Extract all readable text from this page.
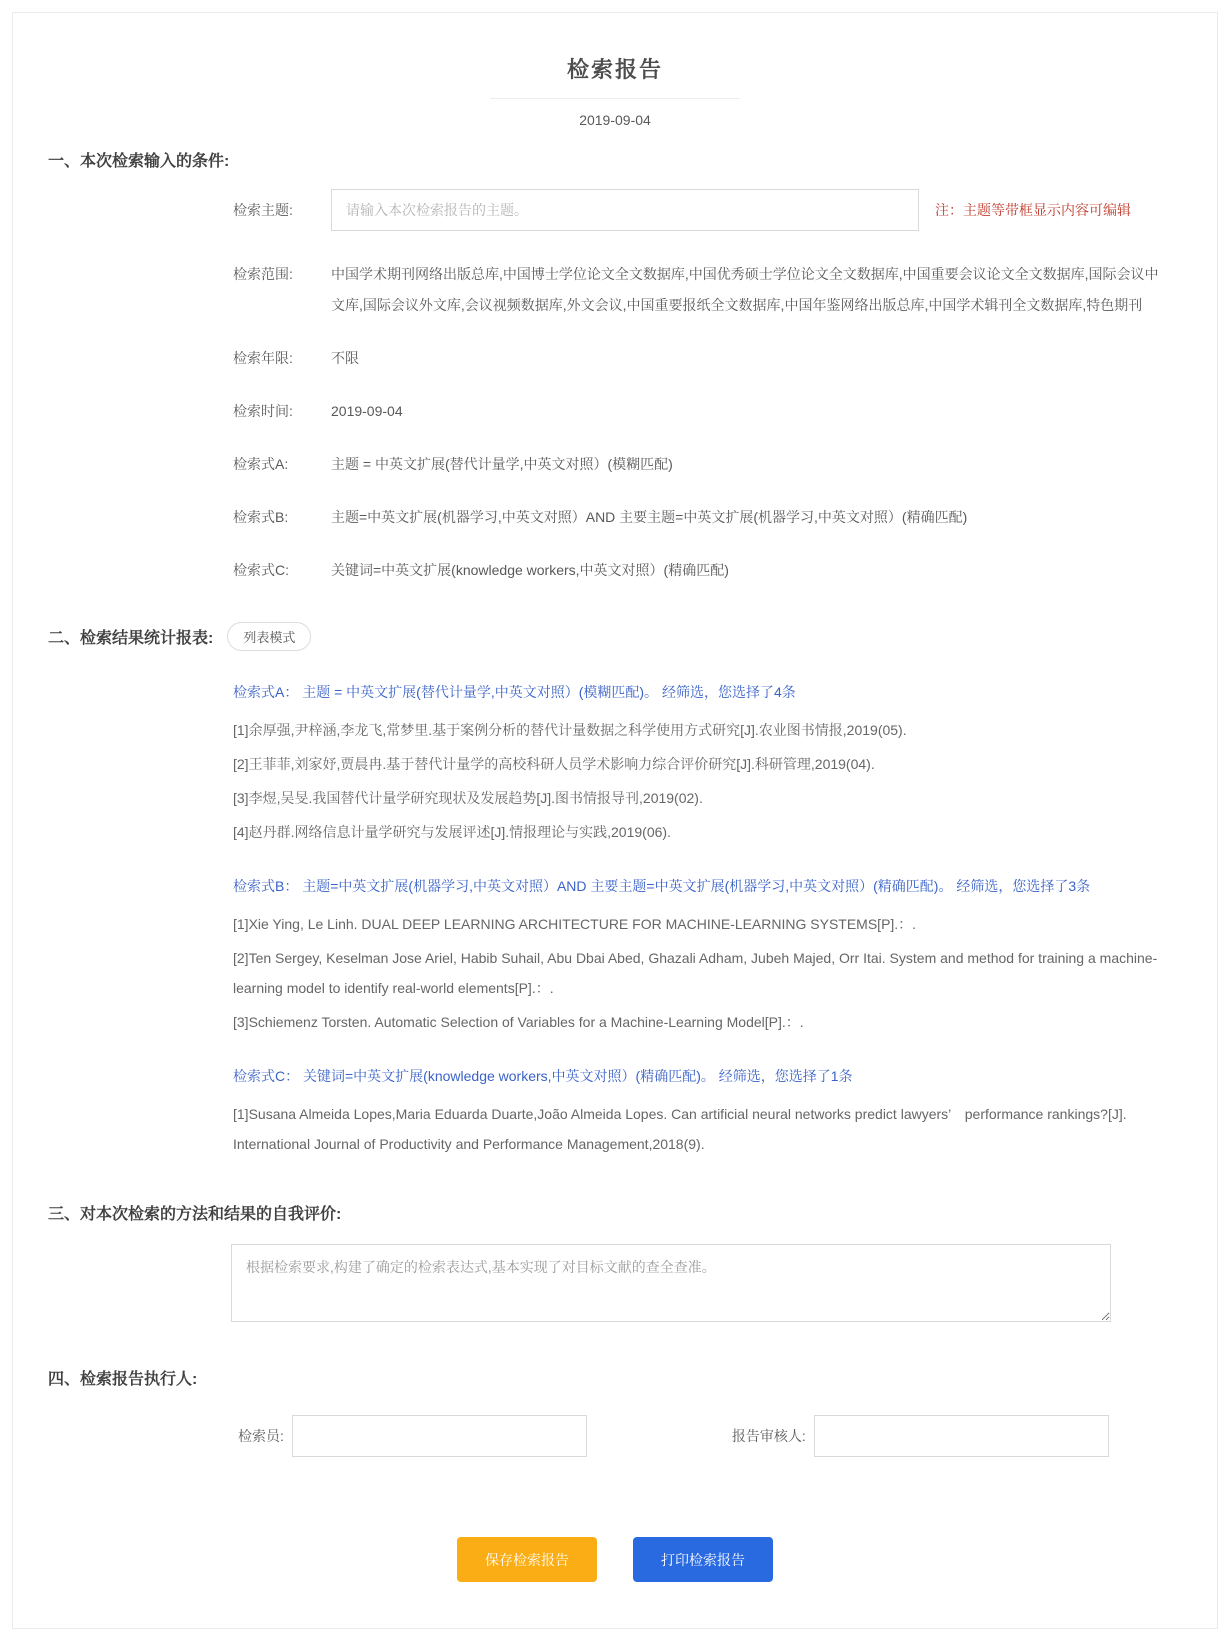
检索报告
2019-09-04
一、本次检索输入的条件:
检索主题:
请输入本次检索报告的主题。	注：主题等带框显示内容可编辑
检索范围:	中国学术期刊网络出版总库,中国博士学位论文全文数据库,中国优秀硕士学位论文全文数据库,中国重要会议论文全文数据库,国际会议中文库,国际会议外文库,会议视频数据库,外文会议,中国重要报纸全文数据库,中国年鉴网络出版总库,中国学术辑刊全文数据库,特色期刊
检索年限:	不限
检索时间:	2019-09-04
检索式A:	主题 = 中英文扩展(替代计量学,中英文对照）(模糊匹配)
检索式B:	主题=中英文扩展(机器学习,中英文对照）AND 主要主题=中英文扩展(机器学习,中英文对照）(精确匹配)
检索式C:	关键词=中英文扩展(knowledge workers,中英文对照）(精确匹配)
二、检索结果统计报表:	列表模式
检索式A： 主题 = 中英文扩展(替代计量学,中英文对照）(模糊匹配)。 经筛选，您选择了4条
[1]余厚强,尹梓涵,李龙飞,常梦里.基于案例分析的替代计量数据之科学使用方式研究[J].农业图书情报,2019(05).
[2]王菲菲,刘家妤,贾晨冉.基于替代计量学的高校科研人员学术影响力综合评价研究[J].科研管理,2019(04).
[3]李煜,吴旻.我国替代计量学研究现状及发展趋势[J].图书情报导刊,2019(02).
[4]赵丹群.网络信息计量学研究与发展评述[J].情报理论与实践,2019(06).
检索式B： 主题=中英文扩展(机器学习,中英文对照）AND 主要主题=中英文扩展(机器学习,中英文对照）(精确匹配)。 经筛选，您选择了3条
[1]Xie Ying, Le Linh. DUAL DEEP LEARNING ARCHITECTURE FOR MACHINE-LEARNING SYSTEMS[P].：.
[2]Ten Sergey, Keselman Jose Ariel, Habib Suhail, Abu Dbai Abed, Ghazali Adham, Jubeh Majed, Orr Itai. System and method for training a machine-learning model to identify real-world elements[P].：.
[3]Schiemenz Torsten. Automatic Selection of Variables for a Machine-Learning Model[P].：.
检索式C： 关键词=中英文扩展(knowledge workers,中英文对照）(精确匹配)。 经筛选，您选择了1条
[1]Susana Almeida Lopes,Maria Eduarda Duarte,João Almeida Lopes. Can artificial neural networks predict lawyers’　performance rankings?[J]. International Journal of Productivity and Performance Management,2018(9).
三、对本次检索的方法和结果的自我评价:
根据检索要求,构建了确定的检索表达式,基本实现了对目标文献的查全查准。
四、检索报告执行人:
检索员:	报告审核人:
保存检索报告	打印检索报告
